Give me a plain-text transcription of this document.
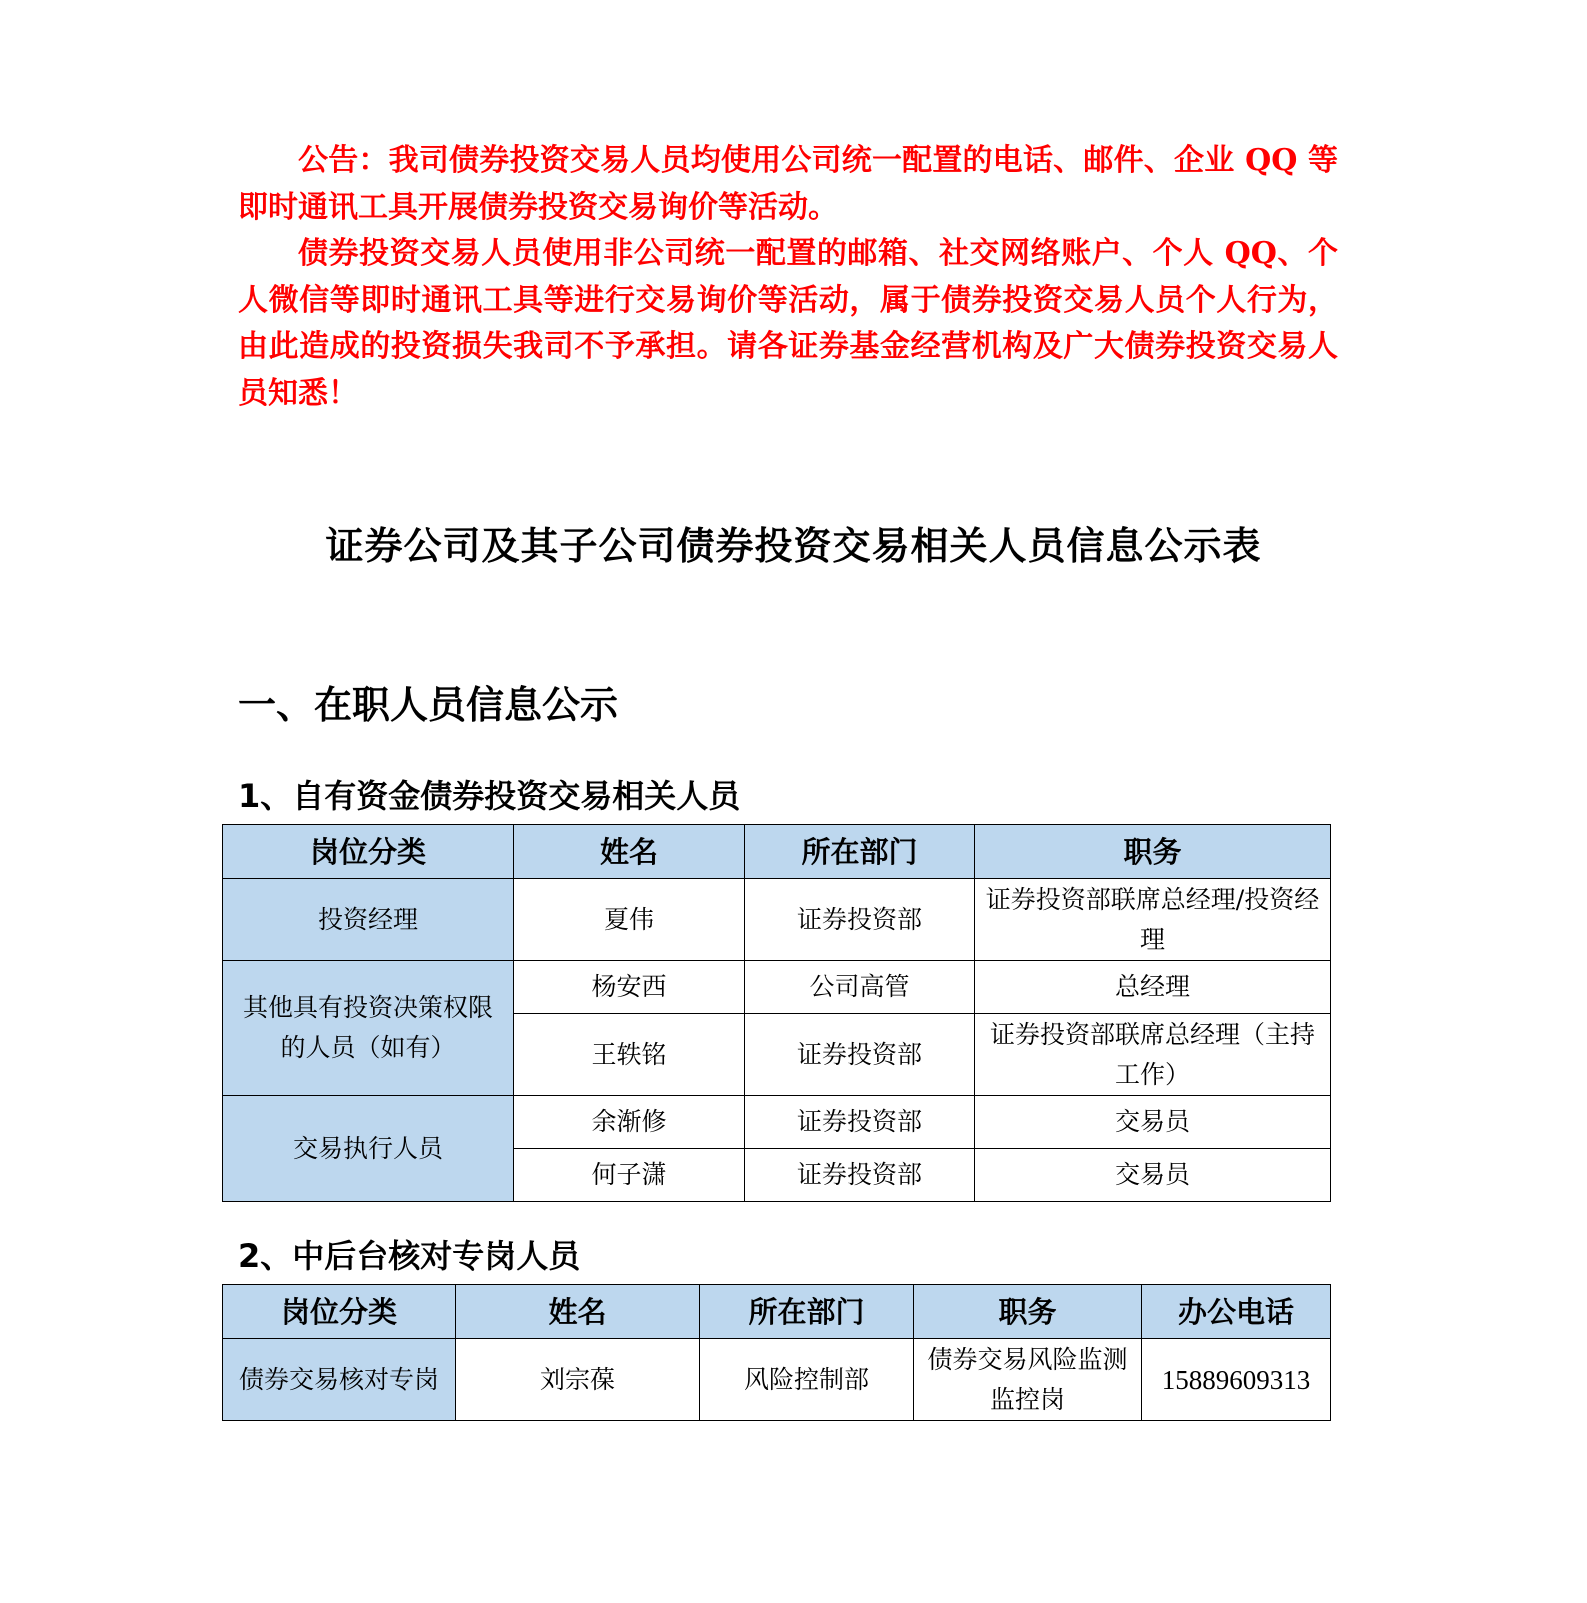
公告：我司债券投资交易人员均使用公司统一配置的电话、邮件、企业 QQ 等即时通讯工具开展债券投资交易询价等活动。

债券投资交易人员使用非公司统一配置的邮箱、社交网络账户、个人 QQ、个人微信等即时通讯工具等进行交易询价等活动，属于债券投资交易人员个人行为，由此造成的投资损失我司不予承担。请各证券基金经营机构及广大债券投资交易人员知悉！

证券公司及其子公司债券投资交易相关人员信息公示表
一、在职人员信息公示
1、自有资金债券投资交易相关人员
岗位分类	姓名	所在部门	职务
投资经理	夏伟	证券投资部	证券投资部联席总经理/投资经理
其他具有投资决策权限的人员（如有）	杨安西	公司高管	总经理
	王轶铭	证券投资部	证券投资部联席总经理（主持工作）
交易执行人员	余渐修	证券投资部	交易员
	何子潇	证券投资部	交易员
2、中后台核对专岗人员
岗位分类	姓名	所在部门	职务	办公电话
债券交易核对专岗	刘宗葆	风险控制部	债券交易风险监测监控岗	15889609313
